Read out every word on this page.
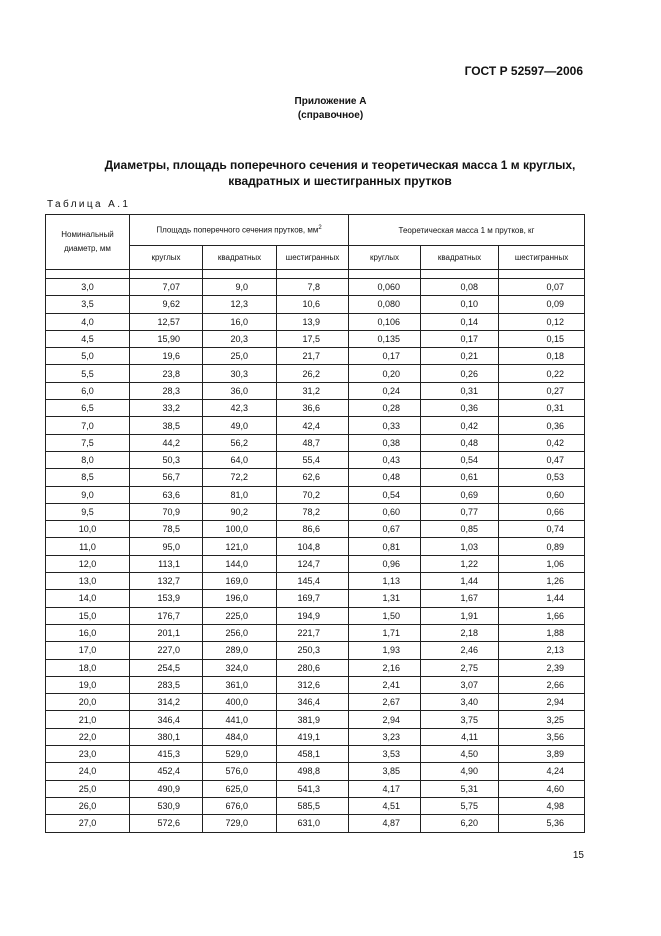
ГОСТ Р 52597—2006
Приложение А
(справочное)
Диаметры, площадь поперечного сечения и теоретическая масса 1 м круглых,
квадратных и шестигранных прутков
Таблица А.1
Номинальный диаметр, мм	Площадь поперечного сечения прутков, $мм^2$			Теоретическая масса 1 м прутков, кг		
	круглых	квадратных	шестигранных	круглых	квадратных	шестигранных

3,0	7,07	9,0	7,8	0,060	0,08	0,07
3,5	9,62	12,3	10,6	0,080	0,10	0,09
4,0	12,57	16,0	13,9	0,106	0,14	0,12
4,5	15,90	20,3	17,5	0,135	0,17	0,15
5,0	19,6	25,0	21,7	0,17	0,21	0,18
5,5	23,8	30,3	26,2	0,20	0,26	0,22
6,0	28,3	36,0	31,2	0,24	0,31	0,27
6,5	33,2	42,3	36,6	0,28	0,36	0,31
7,0	38,5	49,0	42,4	0,33	0,42	0,36
7,5	44,2	56,2	48,7	0,38	0,48	0,42
8,0	50,3	64,0	55,4	0,43	0,54	0,47
8,5	56,7	72,2	62,6	0,48	0,61	0,53
9,0	63,6	81,0	70,2	0,54	0,69	0,60
9,5	70,9	90,2	78,2	0,60	0,77	0,66
10,0	78,5	100,0	86,6	0,67	0,85	0,74
11,0	95,0	121,0	104,8	0,81	1,03	0,89
12,0	113,1	144,0	124,7	0,96	1,22	1,06
13,0	132,7	169,0	145,4	1,13	1,44	1,26
14,0	153,9	196,0	169,7	1,31	1,67	1,44
15,0	176,7	225,0	194,9	1,50	1,91	1,66
16,0	201,1	256,0	221,7	1,71	2,18	1,88
17,0	227,0	289,0	250,3	1,93	2,46	2,13
18,0	254,5	324,0	280,6	2,16	2,75	2,39
19,0	283,5	361,0	312,6	2,41	3,07	2,66
20,0	314,2	400,0	346,4	2,67	3,40	2,94
21,0	346,4	441,0	381,9	2,94	3,75	3,25
22,0	380,1	484,0	419,1	3,23	4,11	3,56
23,0	415,3	529,0	458,1	3,53	4,50	3,89
24,0	452,4	576,0	498,8	3,85	4,90	4,24
25,0	490,9	625,0	541,3	4,17	5,31	4,60
26,0	530,9	676,0	585,5	4,51	5,75	4,98
27,0	572,6	729,0	631,0	4,87	6,20	5,36
15
